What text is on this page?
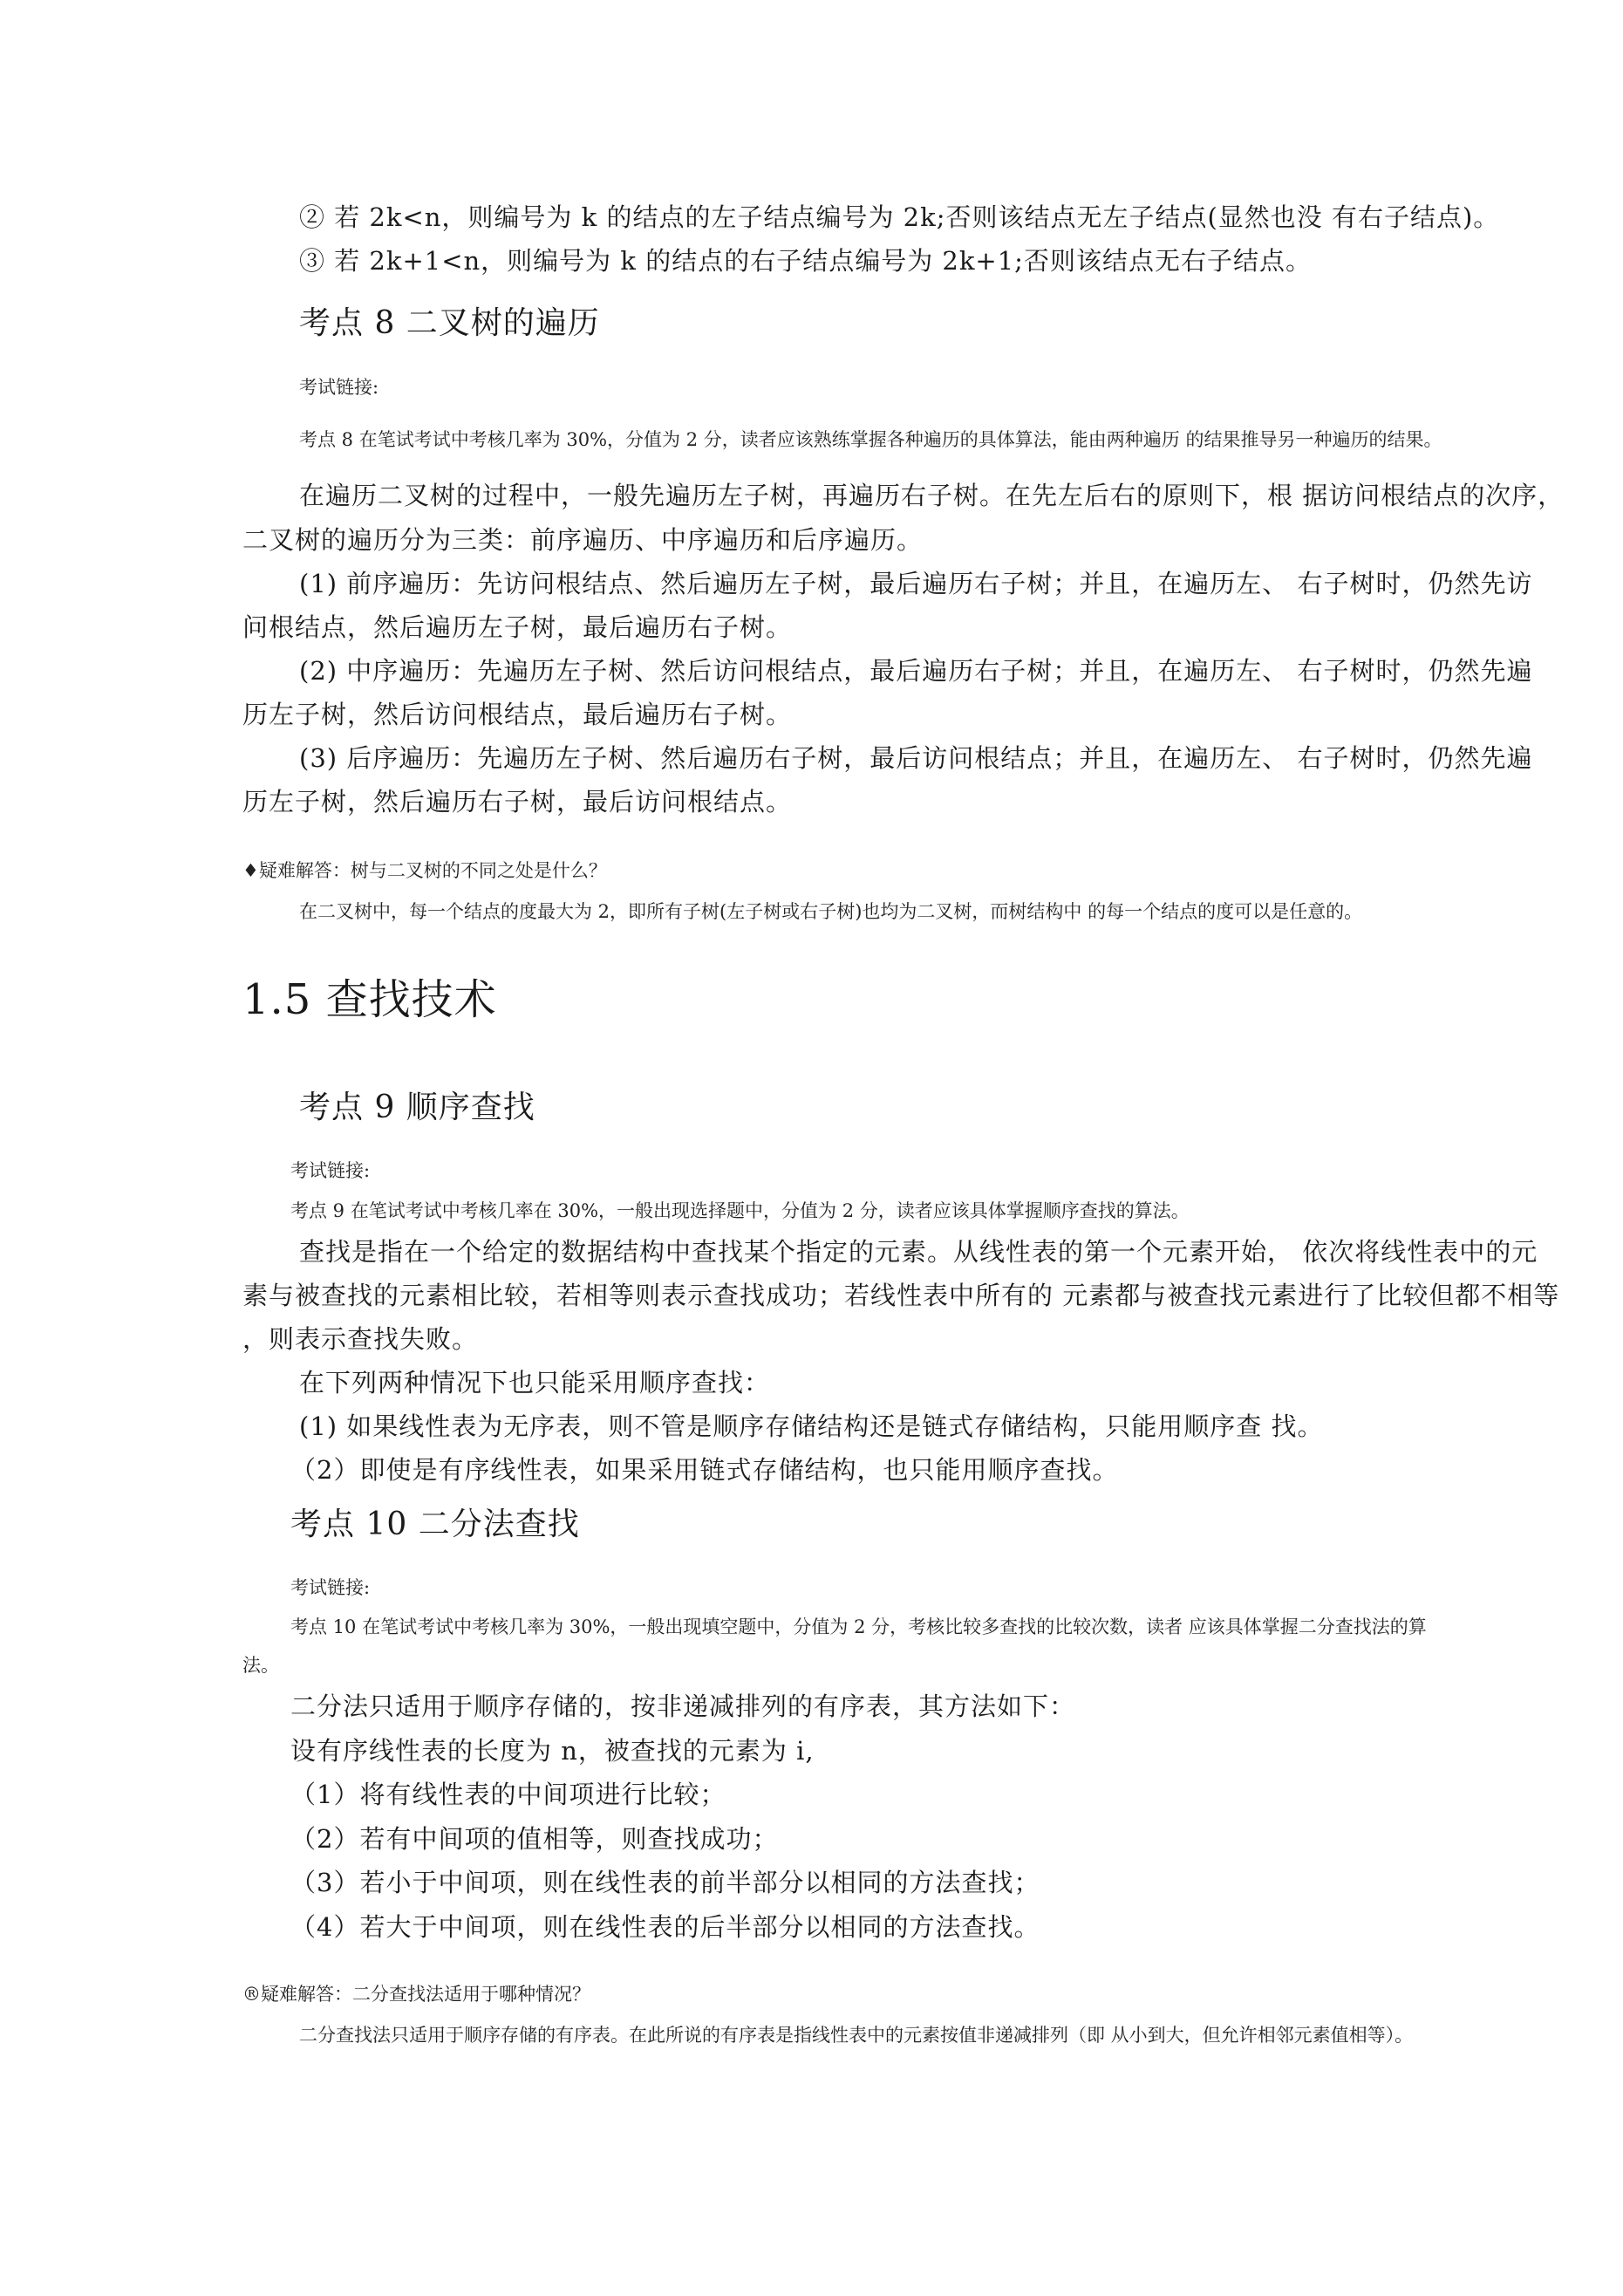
② 若 2k<n，则编号为 k 的结点的左子结点编号为 2k;否则该结点无左子结点(显然也没 有右子结点)。
③ 若 2k+1<n，则编号为 k 的结点的右子结点编号为 2k+1;否则该结点无右子结点。
考点 8 二叉树的遍历
考试链接:
考点 8 在笔试考试中考核几率为 30%，分值为 2 分，读者应该熟练掌握各种遍历的具体算法，能由两种遍历 的结果推导另一种遍历的结果。
在遍历二叉树的过程中，一般先遍历左子树，再遍历右子树。在先左后右的原则下，根 据访问根结点的次序，
二叉树的遍历分为三类：前序遍历、中序遍历和后序遍历。
(1) 前序遍历：先访问根结点、然后遍历左子树，最后遍历右子树；并且，在遍历左、 右子树时，仍然先访
问根结点，然后遍历左子树，最后遍历右子树。
(2) 中序遍历：先遍历左子树、然后访问根结点，最后遍历右子树；并且，在遍历左、 右子树时，仍然先遍
历左子树，然后访问根结点，最后遍历右子树。
(3) 后序遍历：先遍历左子树、然后遍历右子树，最后访问根结点；并且，在遍历左、 右子树时，仍然先遍
历左子树，然后遍历右子树，最后访问根结点。
♦疑难解答：树与二叉树的不同之处是什么？
在二叉树中，每一个结点的度最大为 2，即所有子树(左子树或右子树)也均为二叉树，而树结构中 的每一个结点的度可以是任意的。
1.5 查找技术
考点 9 顺序查找
考试链接:
考点 9 在笔试考试中考核几率在 30%，一般出现选择题中，分值为 2 分，读者应该具体掌握顺序查找的算法。
查找是指在一个给定的数据结构中查找某个指定的元素。从线性表的第一个元素开始， 依次将线性表中的元
素与被查找的元素相比较，若相等则表示查找成功；若线性表中所有的 元素都与被查找元素进行了比较但都不相等
，则表示查找失败。
在下列两种情况下也只能采用顺序查找：
(1) 如果线性表为无序表，则不管是顺序存储结构还是链式存储结构，只能用顺序查 找。
（2）即使是有序线性表，如果采用链式存储结构，也只能用顺序查找。
考点 10 二分法查找
考试链接:
考点 10 在笔试考试中考核几率为 30%，一般出现填空题中，分值为 2 分，考核比较多查找的比较次数，读者 应该具体掌握二分查找法的算
法。
二分法只适用于顺序存储的，按非递减排列的有序表，其方法如下：
设有序线性表的长度为 n，被查找的元素为 i,
（1）将有线性表的中间项进行比较；
（2）若有中间项的值相等，则查找成功；
（3）若小于中间项，则在线性表的前半部分以相同的方法查找；
（4）若大于中间项，则在线性表的后半部分以相同的方法查找。
®疑难解答：二分查找法适用于哪种情况？
二分查找法只适用于顺序存储的有序表。在此所说的有序表是指线性表中的元素按值非递减排列（即 从小到大，但允许相邻元素值相等）。
